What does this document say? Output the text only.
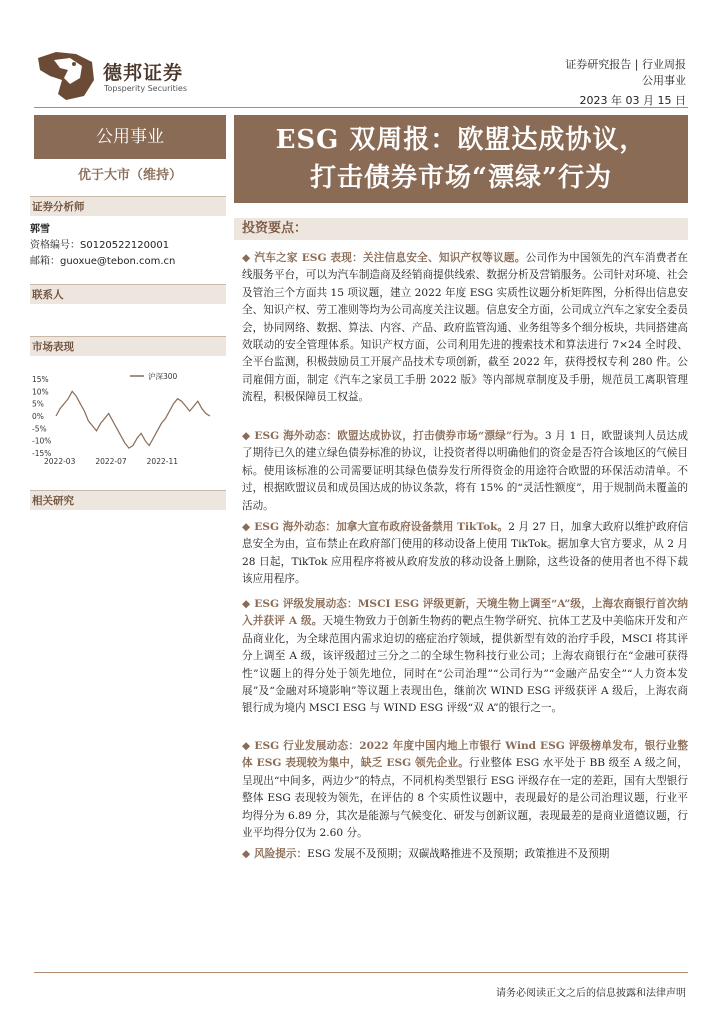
德邦证券
Topsperity Securities
证券研究报告 | 行业周报
公用事业
2023 年 03 月 15 日
公用事业
优于大市（维持）
证券分析师
郭雪
资格编号：S0120522120001
邮箱：guoxue@tebon.com.cn
联系人
市场表现
15%
10%
5%
0%
-5%
-10%
-15%
2022-03	2022-07	2022-11
沪深300
相关研究
ESG 双周报：欧盟达成协议，
打击债券市场“漂绿”行为
投资要点：
◆ 汽车之家 ESG 表现：关注信息安全、知识产权等议题。公司作为中国领先的汽车消费者在线服务平台，可以为汽车制造商及经销商提供线索、数据分析及营销服务。公司针对环境、社会及管治三个方面共 15 项议题，建立 2022 年度 ESG 实质性议题分析矩阵图，分析得出信息安全、知识产权、劳工准则等均为公司高度关注议题。信息安全方面，公司成立汽车之家安全委员会，协同网络、数据、算法、内容、产品、政府监管沟通、业务组等多个细分板块，共同搭建高效联动的安全管理体系。知识产权方面，公司利用先进的搜索技术和算法进行 7×24 全时段、全平台监测，积极鼓励员工开展产品技术专项创新，截至 2022 年，获得授权专利 280 件。公司雇佣方面，制定《汽车之家员工手册 2022 版》等内部规章制度及手册，规范员工离职管理流程，积极保障员工权益。
◆ ESG 海外动态：欧盟达成协议，打击债券市场“漂绿”行为。3 月 1 日，欧盟谈判人员达成了期待已久的建立绿色债券标准的协议，让投资者得以明确他们的资金是否符合该地区的气候目标。使用该标准的公司需要证明其绿色债券发行所得资金的用途符合欧盟的环保活动清单。不过，根据欧盟议员和成员国达成的协议条款，将有 15% 的“灵活性额度”，用于规制尚未覆盖的活动。
◆ ESG 海外动态：加拿大宣布政府设备禁用 TikTok。2 月 27 日，加拿大政府以维护政府信息安全为由，宣布禁止在政府部门使用的移动设备上使用 TikTok。据加拿大官方要求，从 2 月 28 日起，TikTok 应用程序将被从政府发放的移动设备上删除，这些设备的使用者也不得下载该应用程序。
◆ ESG 评级发展动态：MSCI ESG 评级更新，天境生物上调至“A”级，上海农商银行首次纳入并获评 A 级。天境生物致力于创新生物药的靶点生物学研究、抗体工艺及中美临床开发和产品商业化，为全球范围内需求迫切的癌症治疗领域，提供新型有效的治疗手段，MSCI 将其评分上调至 A 级，该评级超过三分之二的全球生物科技行业公司；上海农商银行在“金融可获得性”议题上的得分处于领先地位，同时在“公司治理”“公司行为”“金融产品安全”“人力资本发展”及“金融对环境影响”等议题上表现出色，继前次 WIND ESG 评级获评 A 级后，上海农商银行成为境内 MSCI ESG 与 WIND ESG 评级“双 A”的银行之一。
◆ ESG 行业发展动态：2022 年度中国内地上市银行 Wind ESG 评级榜单发布，银行业整体 ESG 表现较为集中，缺乏 ESG 领先企业。行业整体 ESG 水平处于 BB 级至 A 级之间，呈现出“中间多，两边少”的特点，不同机构类型银行 ESG 评级存在一定的差距，国有大型银行整体 ESG 表现较为领先，在评估的 8 个实质性议题中，表现最好的是公司治理议题，行业平均得分为 6.89 分，其次是能源与气候变化、研发与创新议题，表现最差的是商业道德议题，行业平均得分仅为 2.60 分。
◆ 风险提示：ESG 发展不及预期；双碳战略推进不及预期；政策推进不及预期
请务必阅读正文之后的信息披露和法律声明
